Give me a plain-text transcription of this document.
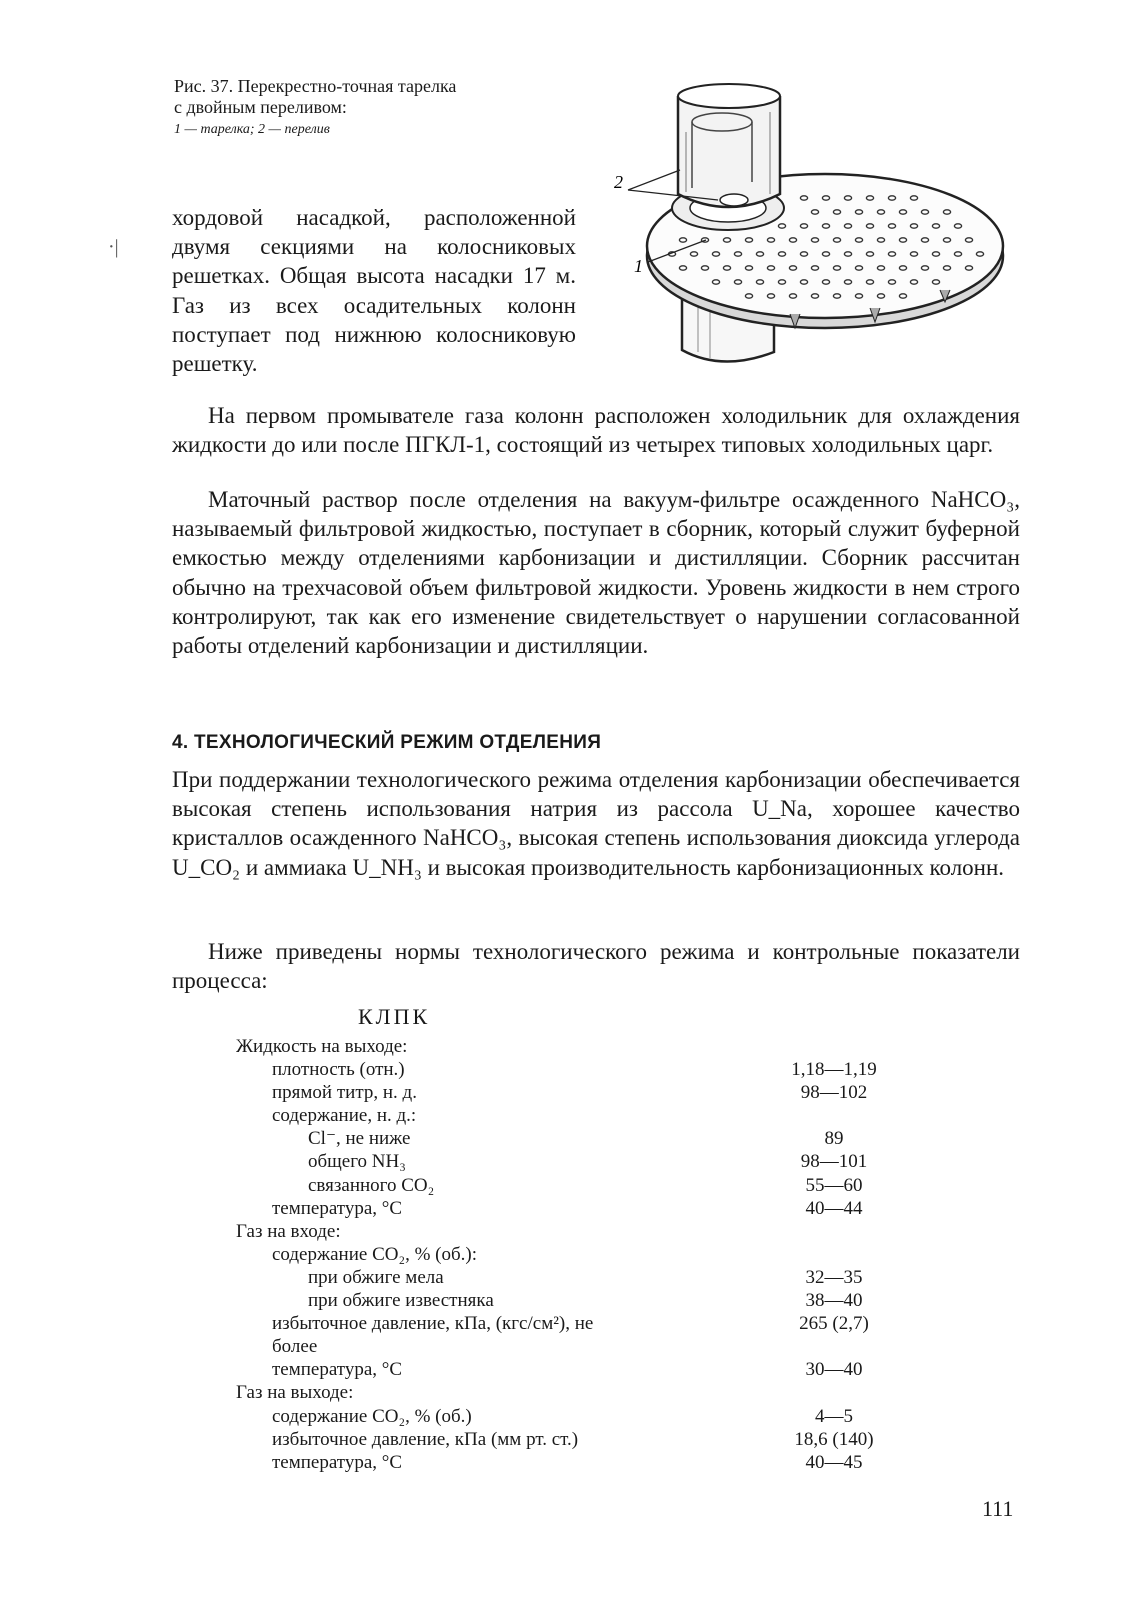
Рис. 37. Перекрестно-точная тарелка

с двойным переливом:

1 — тарелка; 2 — перелив

2
1
·|

хордовой насадкой, расположенной двумя секциями на колосниковых решетках. Общая высота насадки 17 м. Газ из всех осадительных колонн поступает под нижнюю колосниковую решетку.

На первом промывателе газа колонн расположен холодильник для охлаждения жидкости до или после ПГКЛ-1, состоящий из четырех типовых холодильных царг.

Маточный раствор после отделения на вакуум-фильтре осажденного NaHCO₃, называемый фильтровой жидкостью, поступает в сборник, который служит буферной емкостью между отделениями карбонизации и дистилляции. Сборник рассчитан обычно на трехчасовой объем фильтровой жидкости. Уровень жидкости в нем строго контролируют, так как его изменение свидетельствует о нарушении согласованной работы отделений карбонизации и дистилляции.

4. ТЕХНОЛОГИЧЕСКИЙ РЕЖИМ ОТДЕЛЕНИЯ

При поддержании технологического режима отделения карбонизации обеспечивается высокая степень использования натрия из рассола U_Na, хорошее качество кристаллов осажденного NaHCO₃, высокая степень использования диоксида углерода U_CO₂ и аммиака U_NH₃ и высокая производительность карбонизационных колонн.

Ниже приведены нормы технологического режима и контрольные показатели процесса:

КЛПК

Жидкость на выходе:
плотность (отн.)	1,18—1,19
прямой титр, н. д.	98—102
содержание, н. д.:
Cl⁻, не ниже	89
общего NH₃	98—101
связанного CO₂	55—60
температура, °С	40—44
Газ на входе:
содержание CO₂, % (об.):
при обжиге мела	32—35
при обжиге известняка	38—40
избыточное давление, кПа, (кгс/см²), не	265 (2,7)
более
температура, °С	30—40
Газ на выходе:
содержание CO₂, % (об.)	4—5
избыточное давление, кПа (мм рт. ст.)	18,6 (140)
температура, °С	40—45

111
